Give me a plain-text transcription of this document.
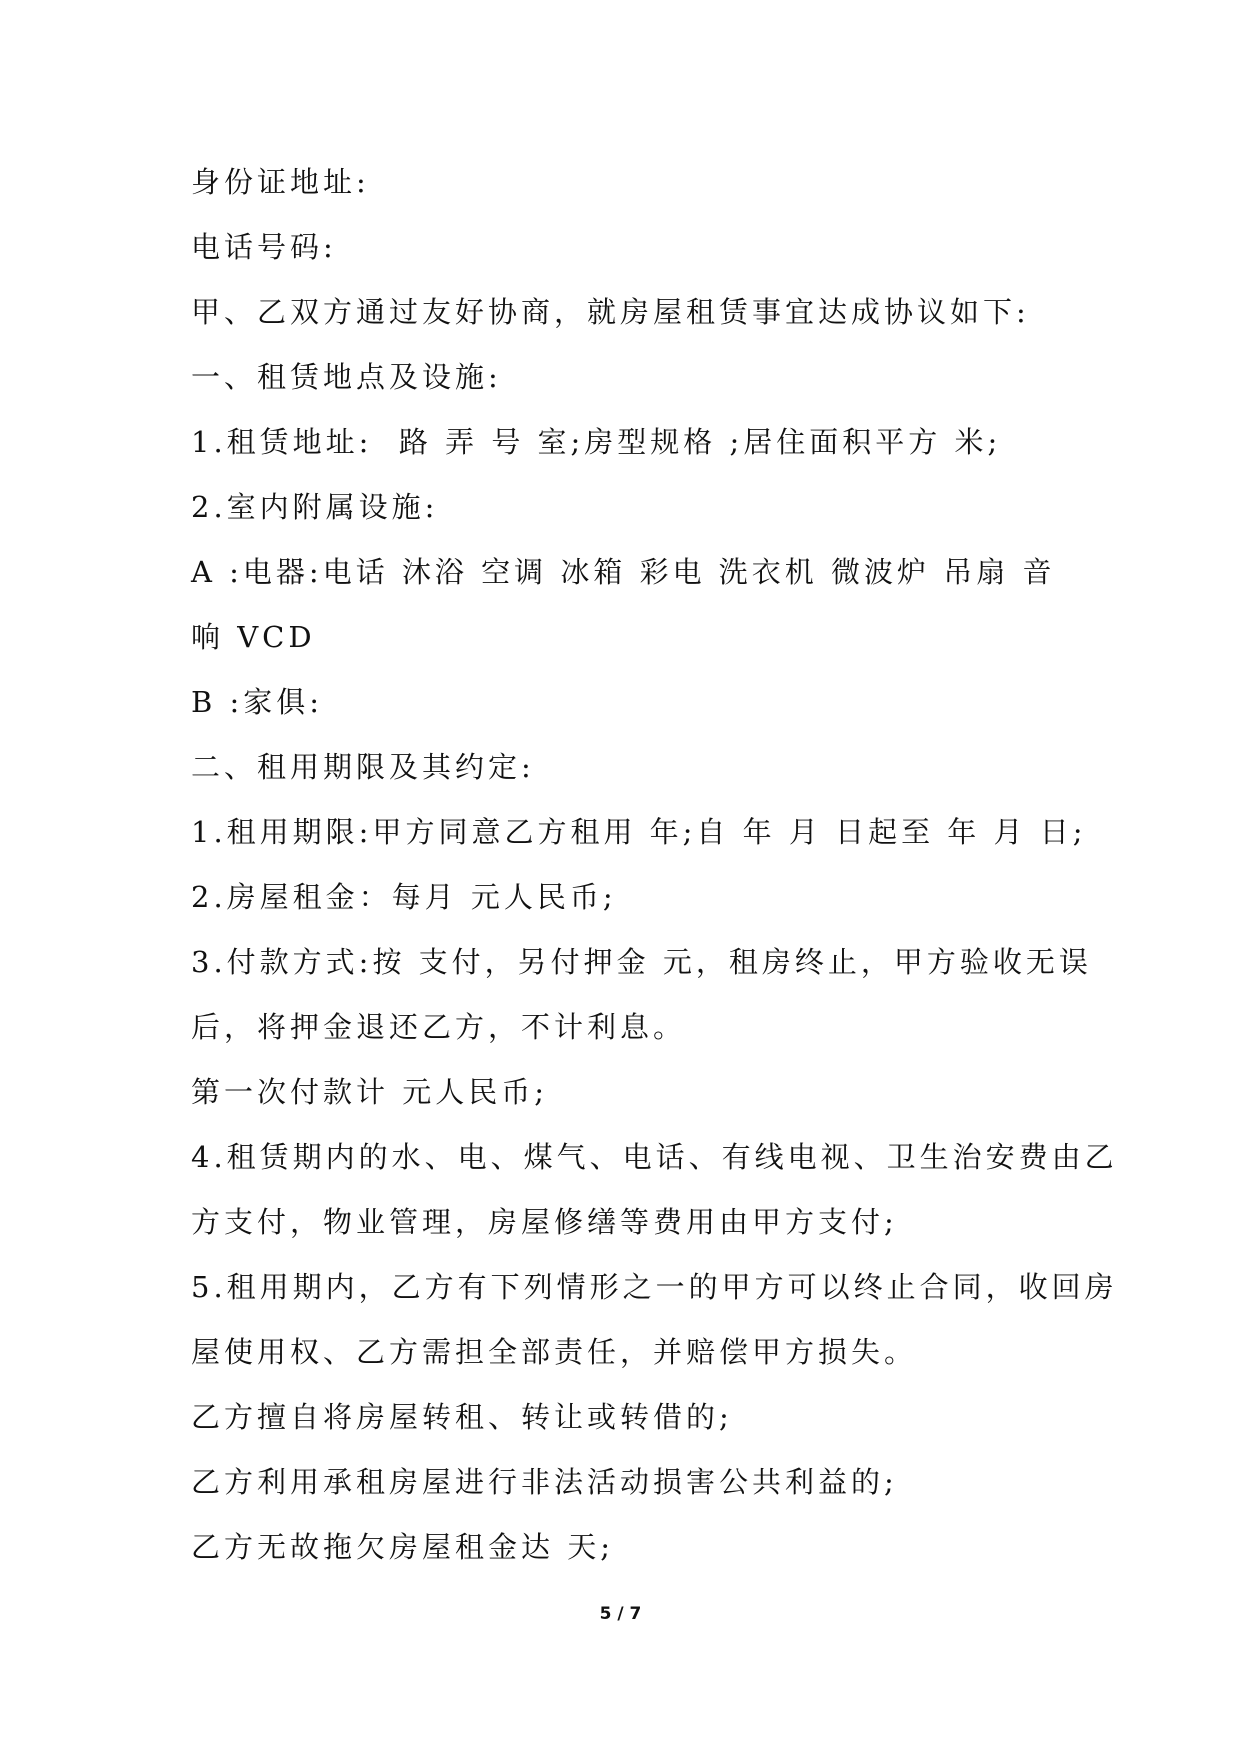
身份证地址:
电话号码:
甲、乙双方通过友好协商，就房屋租赁事宜达成协议如下:
一、租赁地点及设施:
1.租赁地址:  路 弄 号 室;房型规格 ;居住面积平方 米;
2.室内附属设施:
A :电器:电话 沐浴 空调 冰箱 彩电 洗衣机 微波炉 吊扇 音
响 VCD
B :家俱:
二、租用期限及其约定:
1.租用期限:甲方同意乙方租用 年;自 年 月 日起至 年 月 日;
2.房屋租金：每月 元人民币;
3.付款方式:按 支付，另付押金 元，租房终止，甲方验收无误
后，将押金退还乙方，不计利息。
第一次付款计 元人民币;
4.租赁期内的水、电、煤气、电话、有线电视、卫生治安费由乙
方支付，物业管理，房屋修缮等费用由甲方支付;
5.租用期内，乙方有下列情形之一的甲方可以终止合同，收回房
屋使用权、乙方需担全部责任，并赔偿甲方损失。
乙方擅自将房屋转租、转让或转借的;
乙方利用承租房屋进行非法活动损害公共利益的;
乙方无故拖欠房屋租金达 天;
5 / 7
